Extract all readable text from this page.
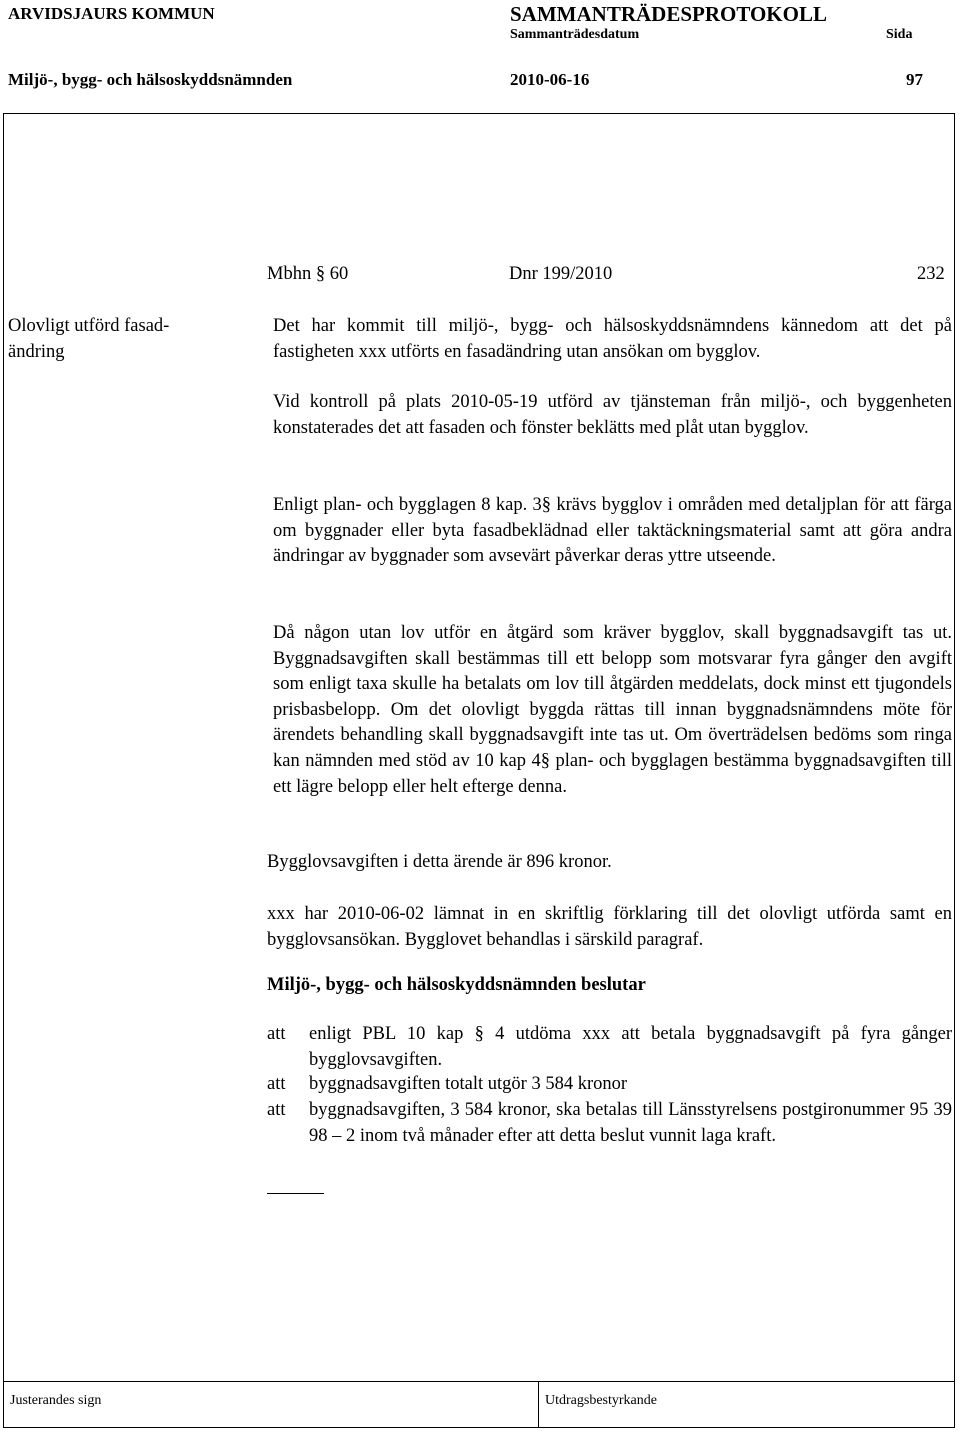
ARVIDSJAURS KOMMUN	SAMMANTRÄDESPROTOKOLL
Sammanträdesdatum	Sida
Miljö-, bygg- och hälsoskyddsnämnden	2010-06-16	97
Mbhn § 60	Dnr 199/2010	232
Olovligt utförd fasad-
ändring
Det har kommit till miljö-, bygg- och hälsoskyddsnämndens kännedom att det på fastigheten xxx utförts en fasadändring utan ansökan om bygglov.
Vid kontroll på plats 2010-05-19 utförd av tjänsteman från miljö-, och byggenheten konstaterades det att fasaden och fönster beklätts med plåt utan bygglov.
Enligt plan- och bygglagen 8 kap. 3§ krävs bygglov i områden med detaljplan för att färga om byggnader eller byta fasadbeklädnad eller taktäckningsmaterial samt att göra andra ändringar av byggnader som avsevärt påverkar deras yttre utseende.
Då någon utan lov utför en åtgärd som kräver bygglov, skall byggnadsavgift tas ut. Byggnadsavgiften skall bestämmas till ett belopp som motsvarar fyra gånger den avgift som enligt taxa skulle ha betalats om lov till åtgärden meddelats, dock minst ett tjugondels prisbasbelopp. Om det olovligt byggda rättas till innan byggnadsnämndens möte för ärendets behandling skall byggnadsavgift inte tas ut. Om överträdelsen bedöms som ringa kan nämnden med stöd av 10 kap 4§ plan- och bygglagen bestämma byggnadsavgiften till ett lägre belopp eller helt efterge denna.
Bygglovsavgiften i detta ärende är 896 kronor.
xxx har 2010-06-02 lämnat in en skriftlig förklaring till det olovligt utförda samt en bygglovsansökan. Bygglovet behandlas i särskild paragraf.
Miljö-, bygg- och hälsoskyddsnämnden beslutar
att enligt PBL 10 kap § 4 utdöma xxx att betala byggnadsavgift på fyra gånger bygglovsavgiften.
att byggnadsavgiften totalt utgör 3 584 kronor
att byggnadsavgiften, 3 584 kronor, ska betalas till Länsstyrelsens postgironummer 95 39 98 – 2 inom två månader efter att detta beslut vunnit laga kraft.
Justerandes sign	Utdragsbestyrkande
